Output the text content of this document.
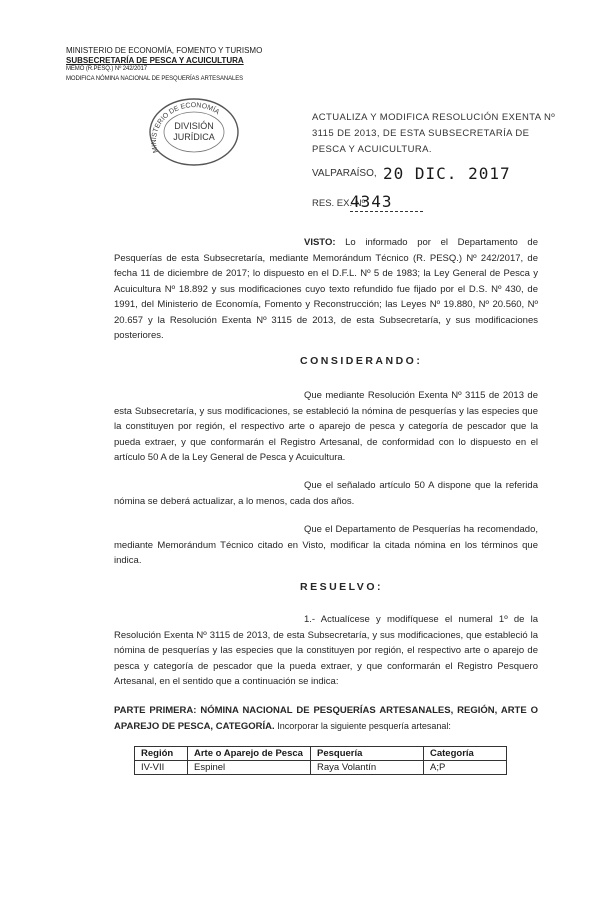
MINISTERIO DE ECONOMÍA, FOMENTO Y TURISMO
SUBSECRETARÍA DE PESCA Y ACUICULTURA
MEMO (R.PESQ.) Nº 242/2017
MODIFICA NÓMINA NACIONAL DE PESQUERÍAS ARTESANALES
MINISTERIO DE ECONOMÍA
DIVISIÓN
JURÍDICA
ACTUALIZA Y MODIFICA RESOLUCIÓN EXENTA Nº 3115 DE 2013, DE ESTA SUBSECRETARÍA DE PESCA Y ACUICULTURA.
VALPARAÍSO, 20 DIC. 2017
RES. EX. Nº
4343
VISTO: Lo informado por el Departamento de Pesquerías de esta Subsecretaría, mediante Memorándum Técnico (R. PESQ.) Nº 242/2017, de fecha 11 de diciembre de 2017; lo dispuesto en el D.F.L. Nº 5 de 1983; la Ley General de Pesca y Acuicultura Nº 18.892 y sus modificaciones cuyo texto refundido fue fijado por el D.S. Nº 430, de 1991, del Ministerio de Economía, Fomento y Reconstrucción; las Leyes Nº 19.880, Nº 20.560, Nº 20.657 y la Resolución Exenta Nº 3115 de 2013, de esta Subsecretaría, y sus modificaciones posteriores.
CONSIDERANDO:
Que mediante Resolución Exenta Nº 3115 de 2013 de esta Subsecretaría, y sus modificaciones, se estableció la nómina de pesquerías y las especies que la constituyen por región, el respectivo arte o aparejo de pesca y categoría de pescador que la pueda extraer, y que conformarán el Registro Artesanal, de conformidad con lo dispuesto en el artículo 50 A de la Ley General de Pesca y Acuicultura.
Que el señalado artículo 50 A dispone que la referida nómina se deberá actualizar, a lo menos, cada dos años.
Que el Departamento de Pesquerías ha recomendado, mediante Memorándum Técnico citado en Visto, modificar la citada nómina en los términos que indica.
RESUELVO:
1.- Actualícese y modifíquese el numeral 1º de la Resolución Exenta Nº 3115 de 2013, de esta Subsecretaría, y sus modificaciones, que estableció la nómina de pesquerías y las especies que la constituyen por región, el respectivo arte o aparejo de pesca y categoría de pescador que la pueda extraer, y que conformarán el Registro Pesquero Artesanal, en el sentido que a continuación se indica:
PARTE PRIMERA: NÓMINA NACIONAL DE PESQUERÍAS ARTESANALES, REGIÓN, ARTE O APAREJO DE PESCA, CATEGORÍA. Incorporar la siguiente pesquería artesanal:
Región	Arte o Aparejo de Pesca	Pesquería	Categoría
IV-VII	Espinel	Raya Volantín	A;P
